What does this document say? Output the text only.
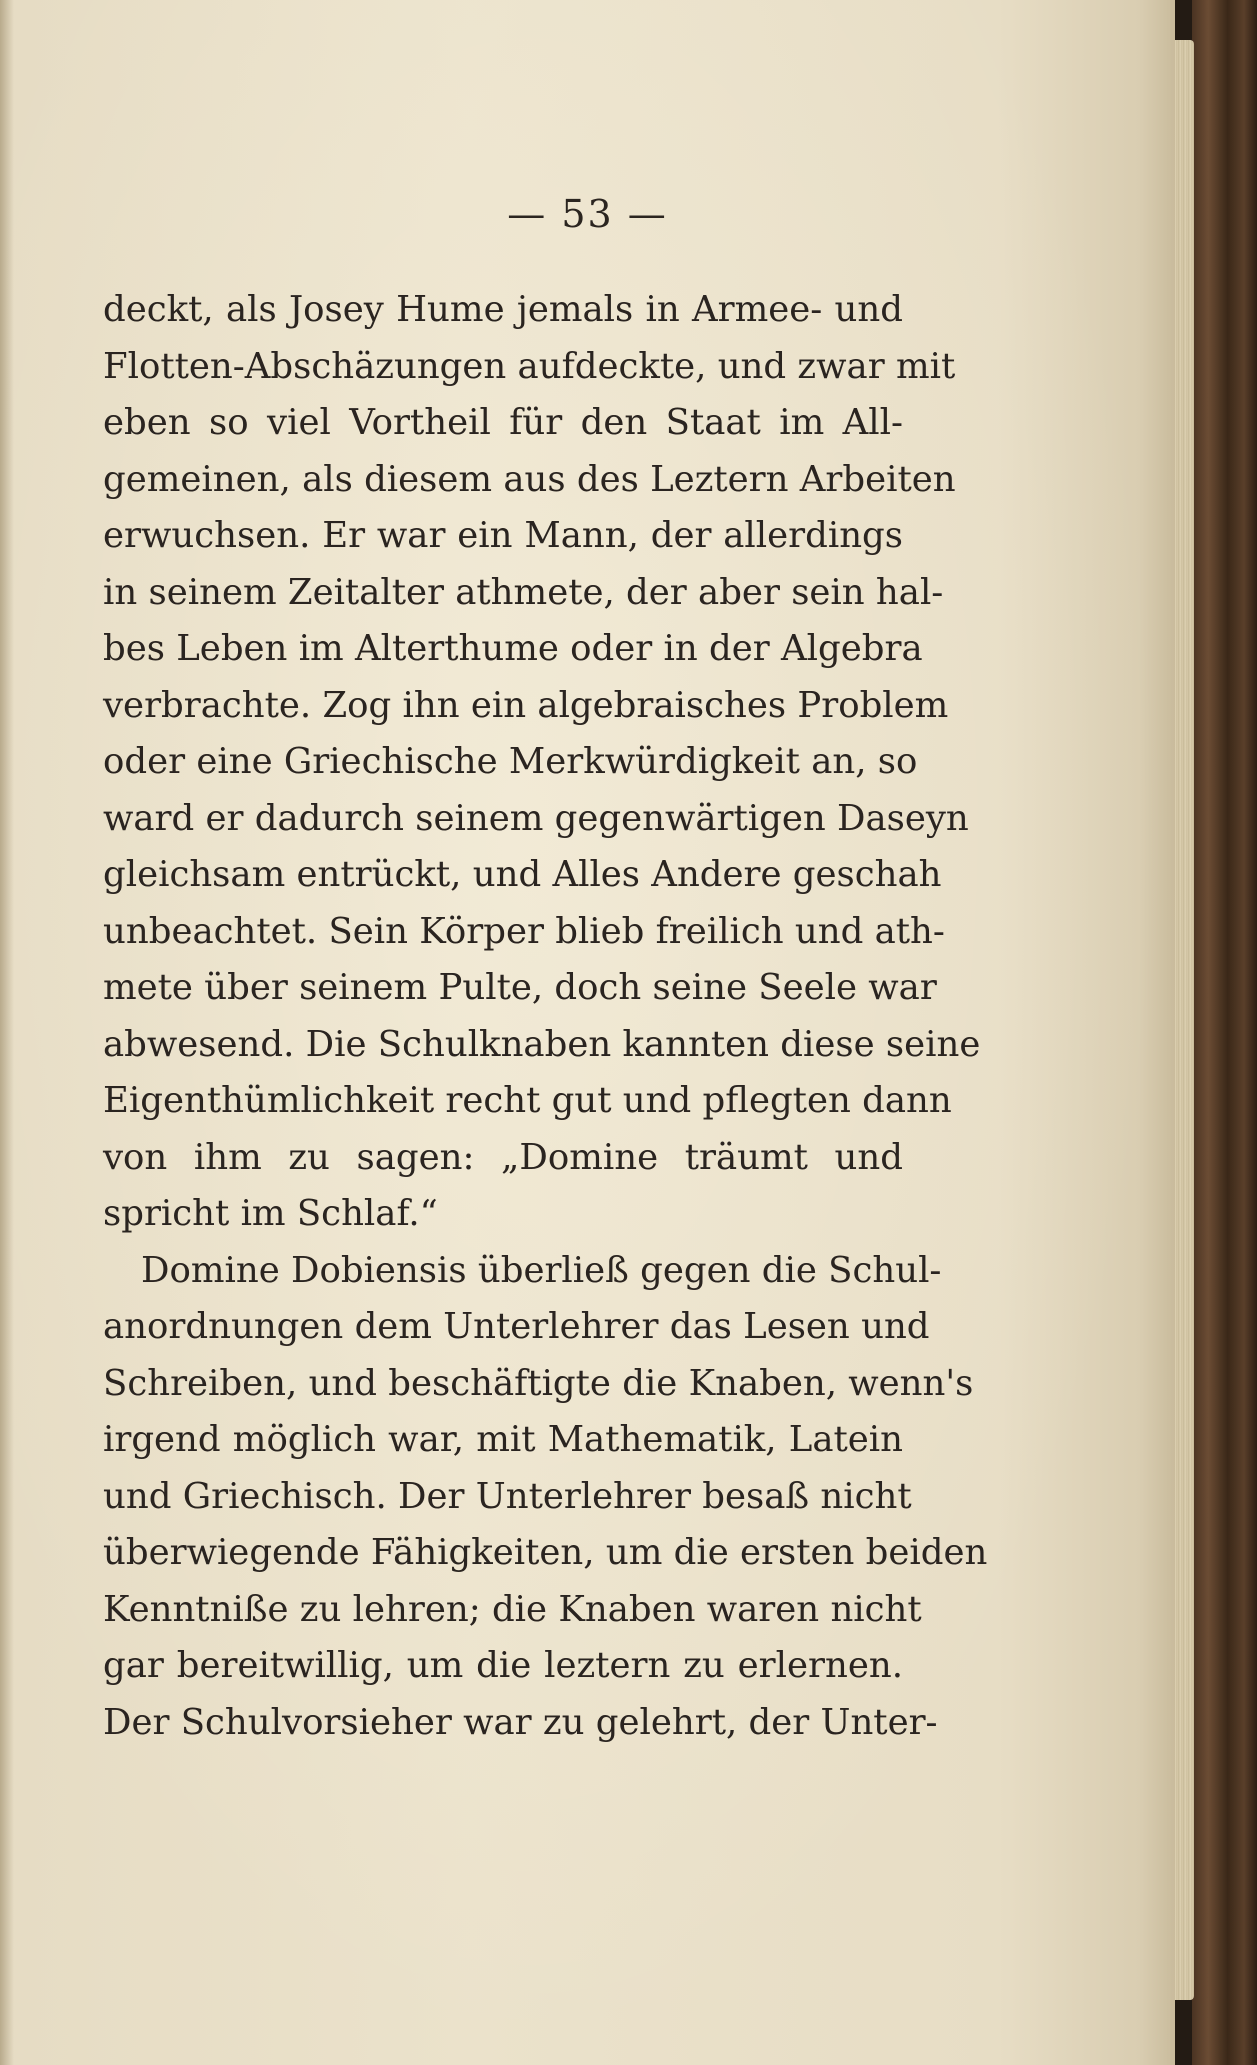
— 53 —
deckt, als Josey Hume jemals in Armee- und
Flotten-Abschäzungen aufdeckte, und zwar mit
eben so viel Vortheil für den Staat im All-
gemeinen, als diesem aus des Leztern Arbeiten
erwuchsen. Er war ein Mann, der allerdings
in seinem Zeitalter athmete, der aber sein hal-
bes Leben im Alterthume oder in der Algebra
verbrachte. Zog ihn ein algebraisches Problem
oder eine Griechische Merkwürdigkeit an, so
ward er dadurch seinem gegenwärtigen Daseyn
gleichsam entrückt, und Alles Andere geschah
unbeachtet. Sein Körper blieb freilich und ath-
mete über seinem Pulte, doch seine Seele war
abwesend. Die Schulknaben kannten diese seine
Eigenthümlichkeit recht gut und pflegten dann
von ihm zu sagen: „Domine träumt und
spricht im Schlaf.“
Domine Dobiensis überließ gegen die Schul-
anordnungen dem Unterlehrer das Lesen und
Schreiben, und beschäftigte die Knaben, wenn's
irgend möglich war, mit Mathematik, Latein
und Griechisch. Der Unterlehrer besaß nicht
überwiegende Fähigkeiten, um die ersten beiden
Kenntniße zu lehren; die Knaben waren nicht
gar bereitwillig, um die leztern zu erlernen.
Der Schulvorsieher war zu gelehrt, der Unter-
